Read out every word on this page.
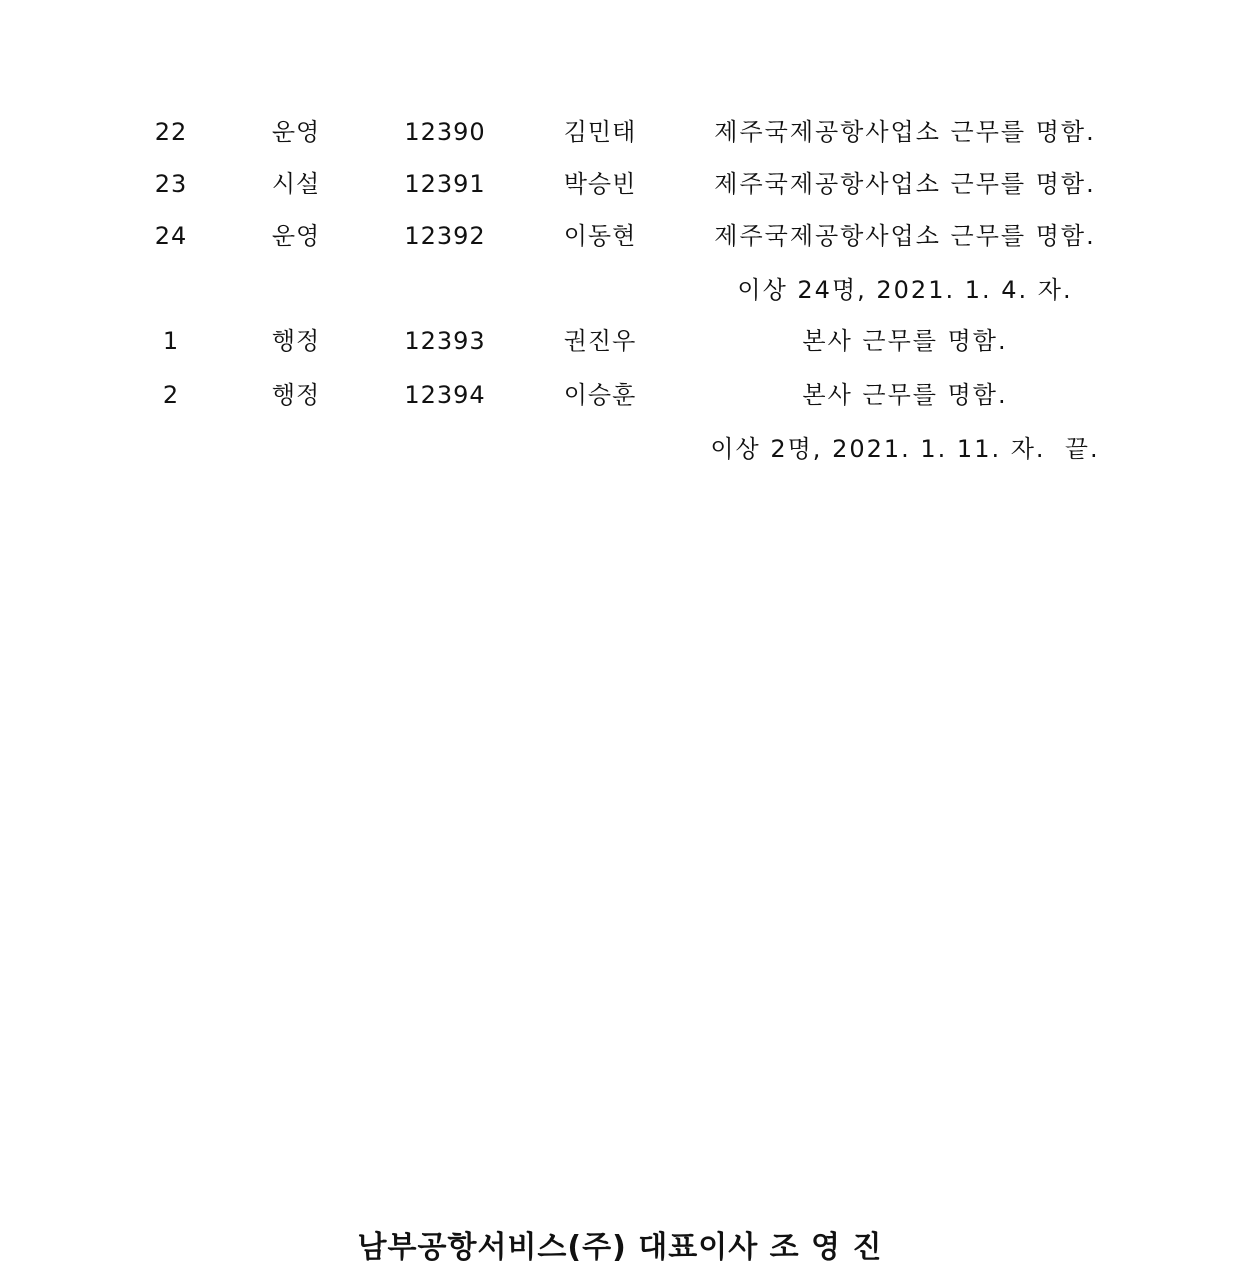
22	운영	12390	김민태	제주국제공항사업소 근무를 명함.
23	시설	12391	박승빈	제주국제공항사업소 근무를 명함.
24	운영	12392	이동현	제주국제공항사업소 근무를 명함.
이상 24명, 2021. 1. 4. 자.
1	행정	12393	권진우	본사 근무를 명함.
2	행정	12394	이승훈	본사 근무를 명함.
이상 2명, 2021. 1. 11. 자.  끝.
남부공항서비스(주) 대표이사 조 영 진
